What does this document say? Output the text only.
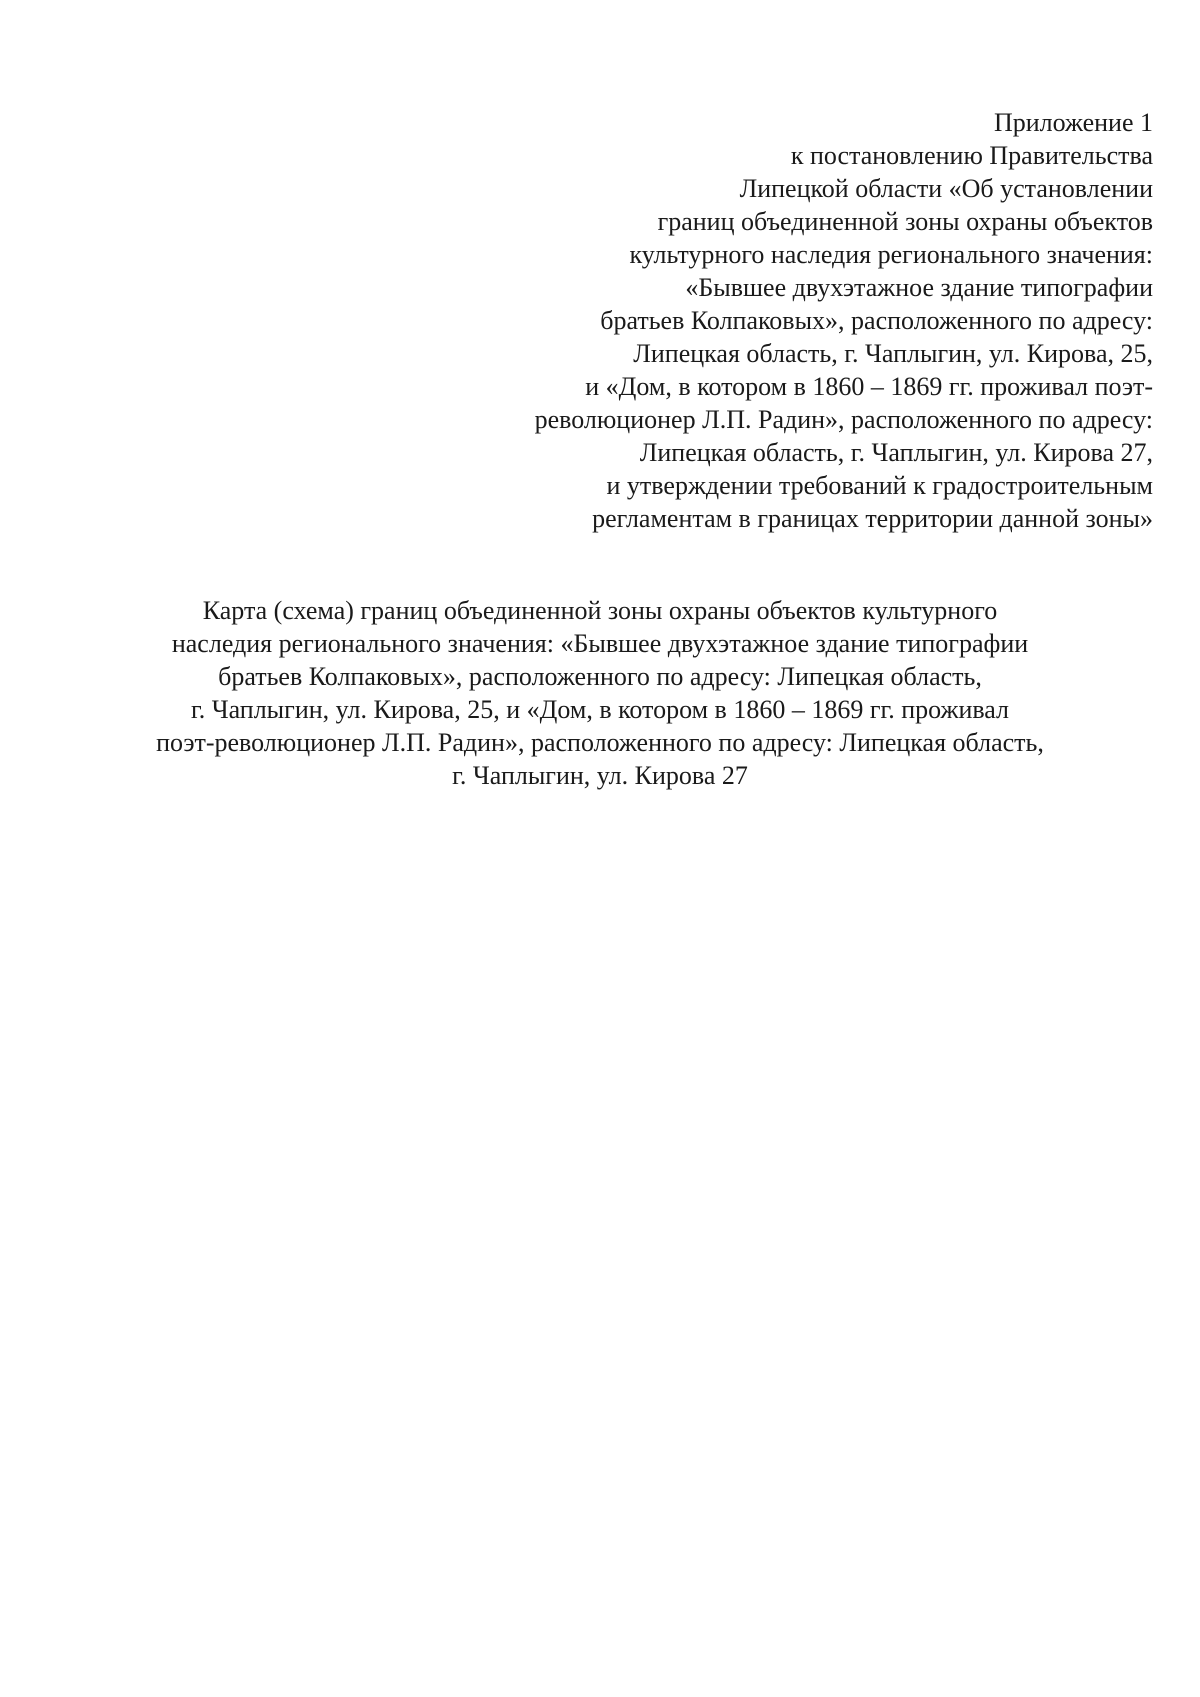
Приложение 1
к постановлению Правительства
Липецкой области «Об установлении
границ объединенной зоны охраны объектов
культурного наследия регионального значения:
«Бывшее двухэтажное здание типографии
братьев Колпаковых», расположенного по адресу:
Липецкая область, г. Чаплыгин, ул. Кирова, 25,
и «Дом, в котором в 1860 – 1869 гг. проживал поэт-
революционер Л.П. Радин», расположенного по адресу:
Липецкая область, г. Чаплыгин, ул. Кирова 27,
и утверждении требований к градостроительным
регламентам в границах территории данной зоны»
Карта (схема) границ объединенной зоны охраны объектов культурного
наследия регионального значения: «Бывшее двухэтажное здание типографии
братьев Колпаковых», расположенного по адресу: Липецкая область,
г. Чаплыгин, ул. Кирова, 25, и «Дом, в котором в 1860 – 1869 гг. проживал
поэт-революционер Л.П. Радин», расположенного по адресу: Липецкая область,
г. Чаплыгин, ул. Кирова 27
